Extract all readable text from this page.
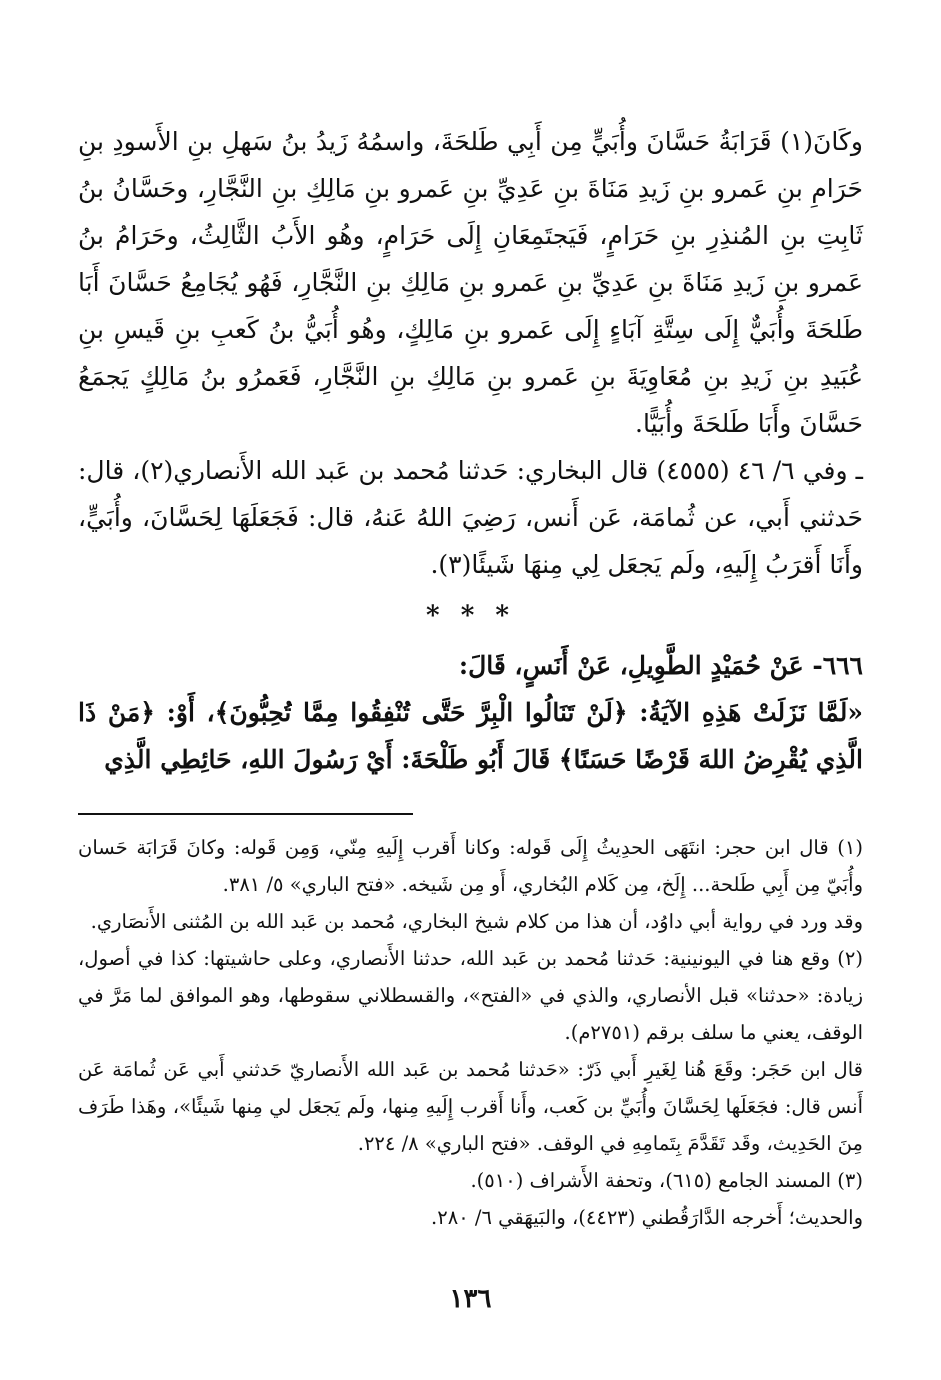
وكَانَ(١) قَرَابَةُ حَسَّانَ وأُبَيٍّ مِن أَبِي طَلحَةَ، واسمُهُ زَيدُ بنُ سَهلِ بنِ الأَسودِ بنِ حَرَامِ بنِ عَمرو بنِ زَيدِ مَنَاةَ بنِ عَدِيِّ بنِ عَمرو بنِ مَالِكِ بنِ النَّجَّارِ، وحَسَّانُ بنُ ثَابِتِ بنِ المُنذِرِ بنِ حَرَامٍ، فَيَجتَمِعَانِ إِلَى حَرَامٍ، وهُو الأَبُ الثَّالِثُ، وحَرَامُ بنُ عَمرو بنِ زَيدِ مَنَاةَ بنِ عَدِيِّ بنِ عَمرو بنِ مَالِكِ بنِ النَّجَّارِ، فَهُو يُجَامِعُ حَسَّانَ أَبَا طَلحَةَ وأُبَيٌّ إِلَى سِتَّةِ آبَاءٍ إِلَى عَمرو بنِ مَالِكٍ، وهُو أُبَيُّ بنُ كَعبِ بنِ قَيسِ بنِ عُبَيدِ بنِ زَيدِ بنِ مُعَاوِيَةَ بنِ عَمرو بنِ مَالِكِ بنِ النَّجَّارِ، فَعَمرُو بنُ مَالِكٍ يَجمَعُ حَسَّانَ وأَبَا طَلحَةَ وأُبَيًّا.

ـ وفي ٦/ ٤٦ (٤٥٥٥) قال البخاري: حَدثنا مُحمد بن عَبد الله الأَنصاري(٢)، قال: حَدثني أَبي، عن ثُمامَة، عَن أَنس، رَضِيَ اللهُ عَنهُ، قال: فَجَعَلَهَا لِحَسَّانَ، وأُبَيٍّ، وأَنَا أَقرَبُ إِلَيهِ، ولَم يَجعَل لِي مِنهَا شَيئًا(٣).

* * *

٦٦٦- عَنْ حُمَيْدٍ الطَّوِيلِ، عَنْ أَنَسٍ، قَالَ:

«لَمَّا نَزَلَتْ هَذِهِ الآيَةُ: ﴿لَنْ تَنَالُوا الْبِرَّ حَتَّى تُنْفِقُوا مِمَّا تُحِبُّونَ﴾، أَوْ: ﴿مَنْ ذَا الَّذِي يُقْرِضُ اللهَ قَرْضًا حَسَنًا﴾ قَالَ أَبُو طَلْحَةَ: أَيْ رَسُولَ اللهِ، حَائِطِي الَّذِي

(١) قال ابن حجر: انتَهَى الحدِيثُ إِلَى قَوله: وكانا أَقرب إِلَيهِ مِنّي، وَمِن قَوله: وكانَ قَرَابَة حَسان وأُبَيّ مِن أَبِي طَلحة... إِلَخ، مِن كَلام البُخاري، أَو مِن شَيخه. «فتح الباري» ٥/ ٣٨١.

وقد ورد في رواية أبي داوُد، أن هذا من كلام شيخ البخاري، مُحمد بن عَبد الله بن المُثنى الأَنصَاري.

(٢) وقع هنا في اليونينية: حَدثنا مُحمد بن عَبد الله، حدثنا الأَنصاري، وعلى حاشيتها: كذا في أصول، زيادة: «حدثنا» قبل الأنصاري، والذي في «الفتح»، والقسطلاني سقوطها، وهو الموافق لما مَرَّ في الوقف، يعني ما سلف برقم (٢٧٥١م).

قال ابن حَجَر: وقَعَ هُنا لِغَيرِ أَبي ذَرّ: «حَدثنا مُحمد بن عَبد الله الأَنصاريّ حَدثني أَبي عَن ثُمامَة عَن أَنس قال: فجَعَلَها لِحَسَّانَ وأُبَيِّ بن كَعب، وأَنا أَقرب إِلَيهِ مِنها، ولَم يَجعَل لي مِنها شَيئًا»، وهَذا طَرَف مِنَ الحَدِيث، وقَد تَقَدَّمَ بِتَمامِهِ في الوقف. «فتح الباري» ٨/ ٢٢٤.

(٣) المسند الجامع (٦١٥)، وتحفة الأَشراف (٥١٠).

والحديث؛ أَخرجه الدَّارَقُطني (٤٤٢٣)، والبَيهَقي ٦/ ٢٨٠.

١٣٦
